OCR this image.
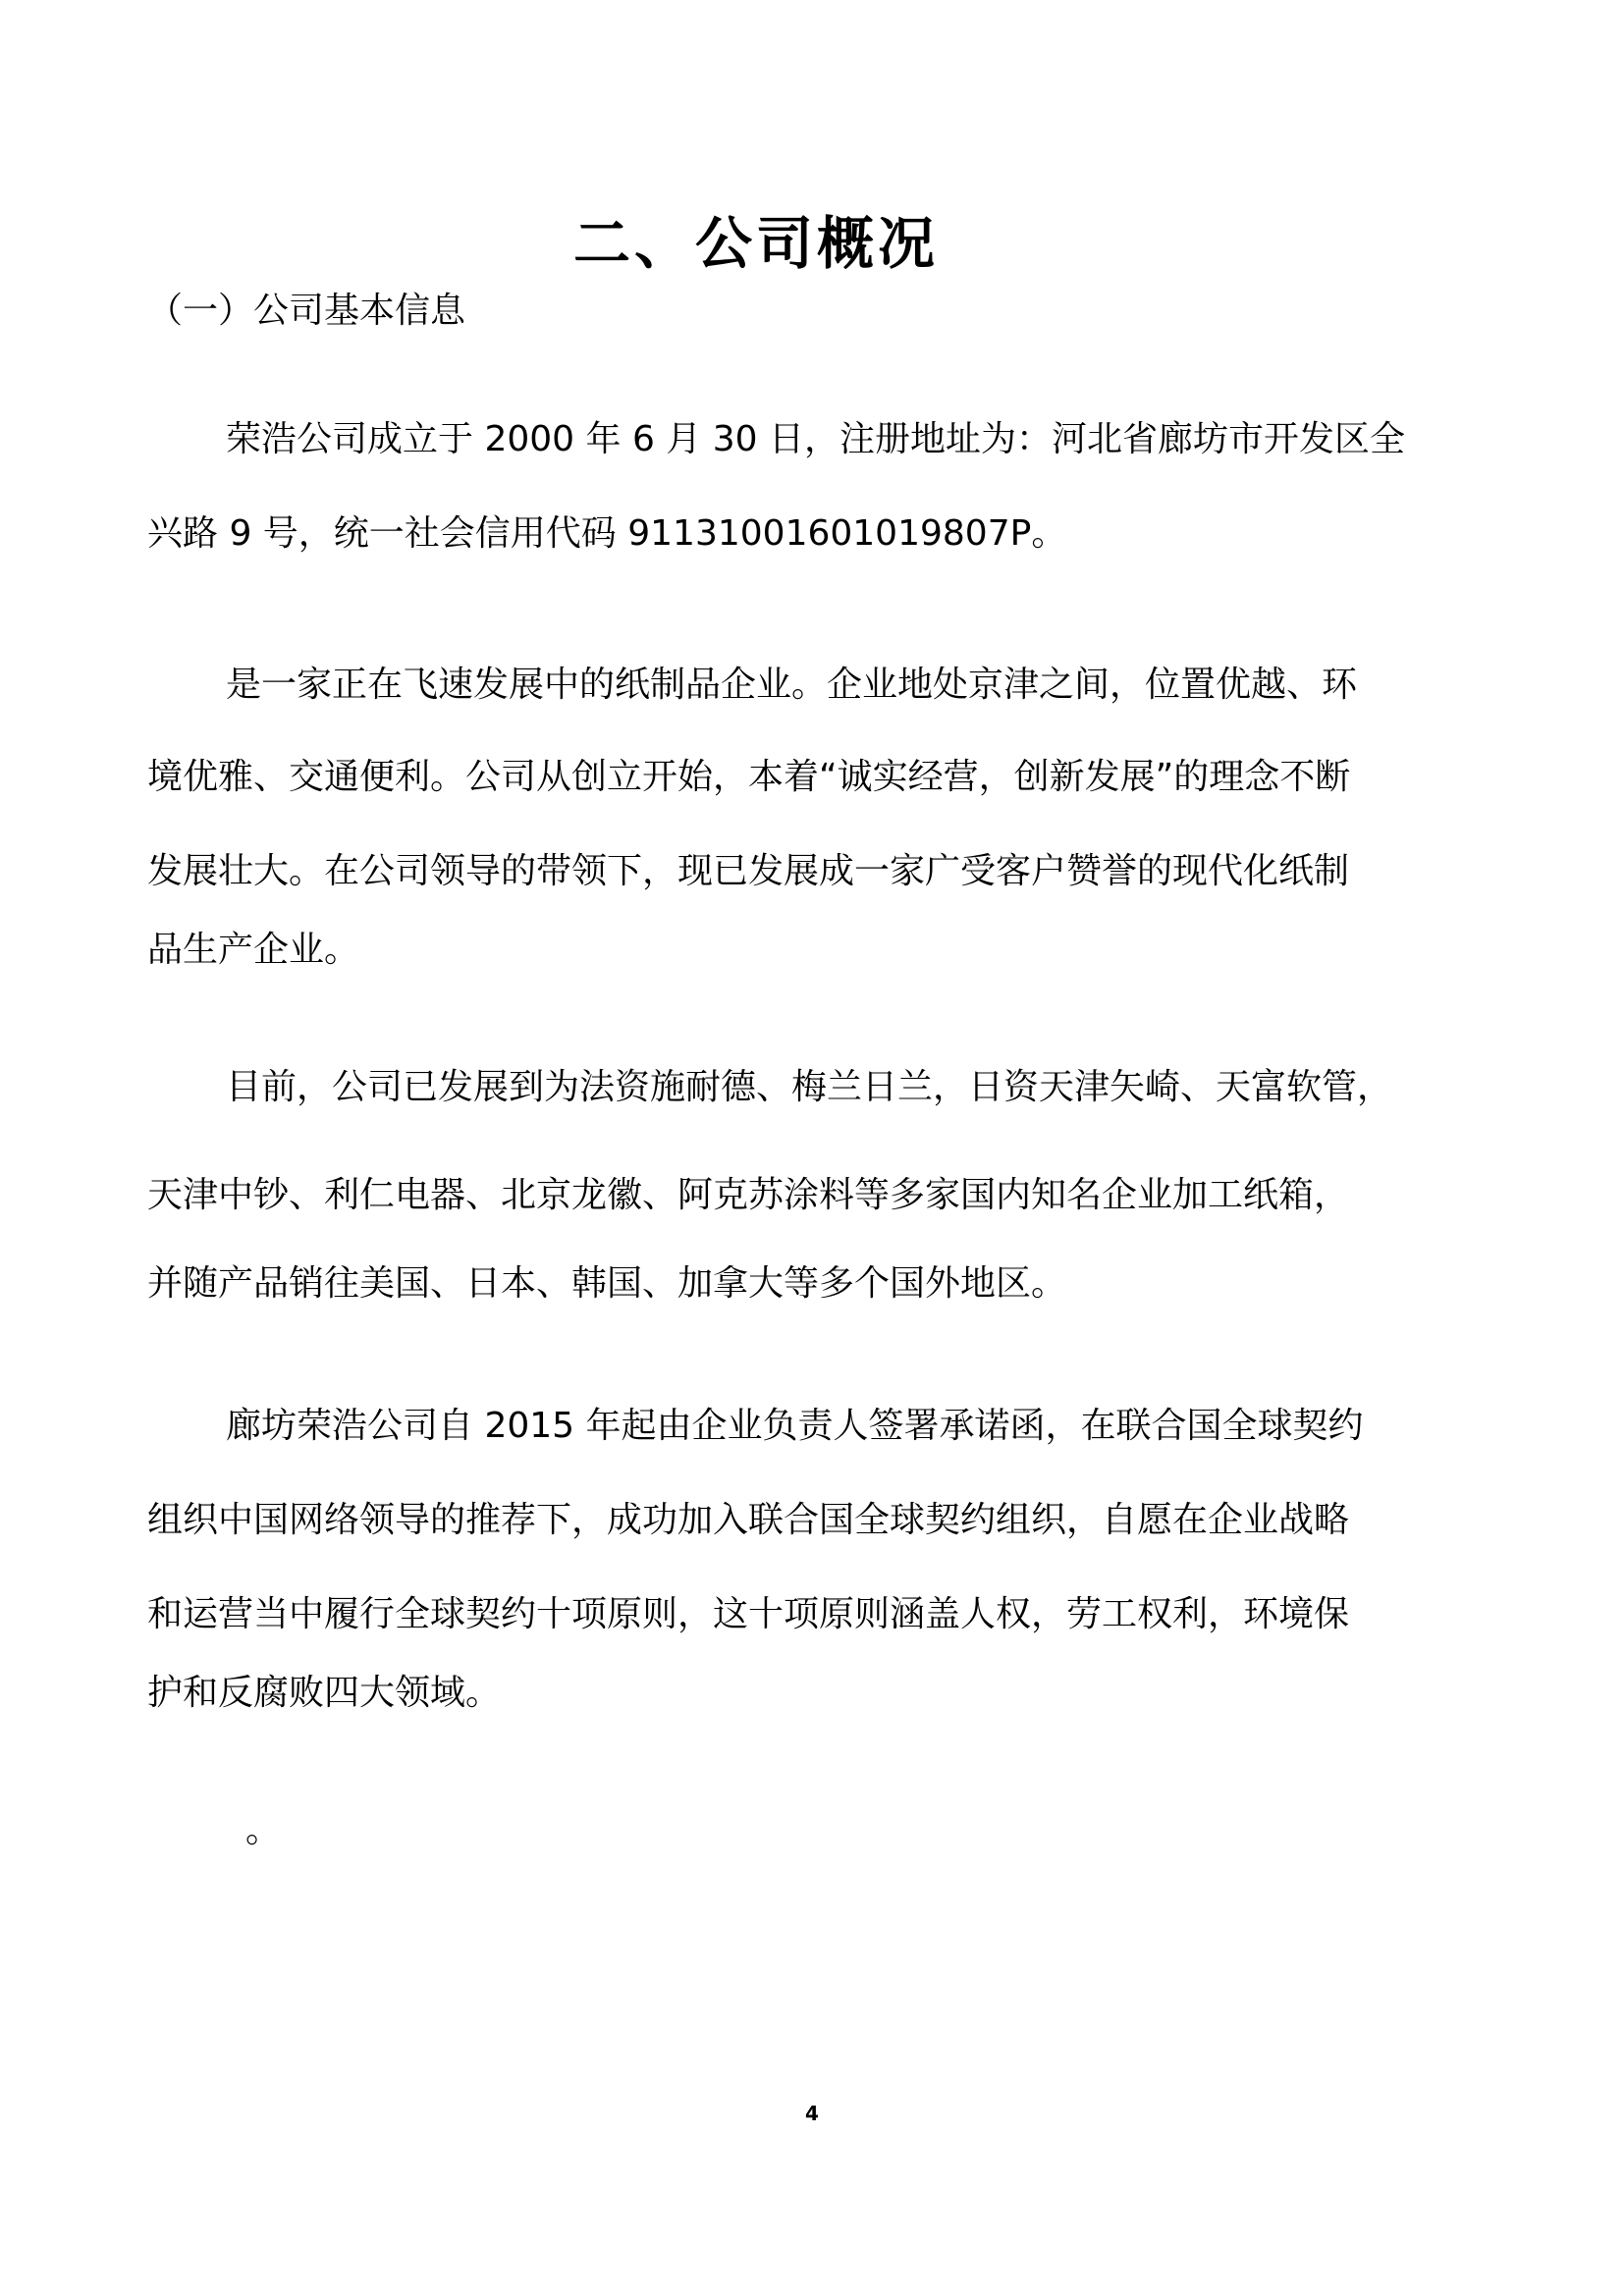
二、公司概况
（一）公司基本信息
荣浩公司成立于 2000 年 6 月 30 日，注册地址为：河北省廊坊市开发区全
兴路 9 号，统一社会信用代码 91131001601019807P。
是一家正在飞速发展中的纸制品企业。企业地处京津之间，位置优越、环
境优雅、交通便利。公司从创立开始，本着“诚实经营，创新发展”的理念不断
发展壮大。在公司领导的带领下，现已发展成一家广受客户赞誉的现代化纸制
品生产企业。
目前，公司已发展到为法资施耐德、梅兰日兰，日资天津矢崎、天富软管，
天津中钞、利仁电器、北京龙徽、阿克苏涂料等多家国内知名企业加工纸箱，
并随产品销往美国、日本、韩国、加拿大等多个国外地区。
廊坊荣浩公司自 2015 年起由企业负责人签署承诺函，在联合国全球契约
组织中国网络领导的推荐下，成功加入联合国全球契约组织，自愿在企业战略
和运营当中履行全球契约十项原则，这十项原则涵盖人权，劳工权利，环境保
护和反腐败四大领域。
。
4
